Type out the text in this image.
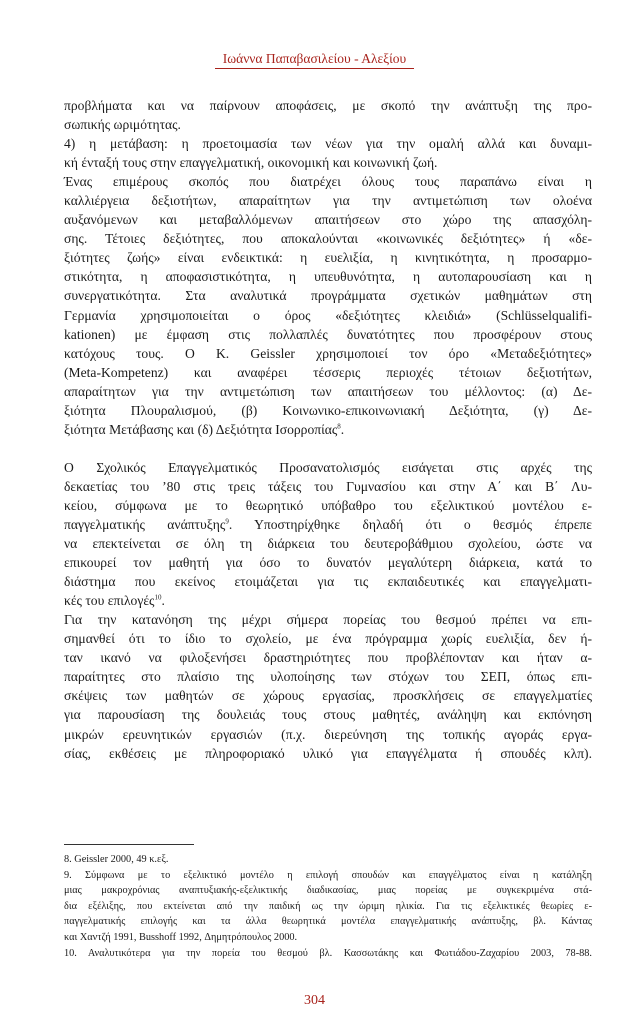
Ιωάννα Παπαβασιλείου - Αλεξίου
προβλήματα και να παίρνουν αποφάσεις, με σκοπό την ανάπτυξη της προ-
σωπικής ωριμότητας.
4) η μετάβαση: η προετοιμασία των νέων για την ομαλή αλλά και δυναμι-
κή ένταξή τους στην επαγγελματική, οικονομική και κοινωνική ζωή.
Ένας επιμέρους σκοπός που διατρέχει όλους τους παραπάνω είναι η
καλλιέργεια δεξιοτήτων, απαραίτητων για την αντιμετώπιση των ολοένα
αυξανόμενων και μεταβαλλόμενων απαιτήσεων στο χώρο της απασχόλη-
σης. Τέτοιες δεξιότητες, που αποκαλούνται «κοινωνικές δεξιότητες» ή «δε-
ξιότητες ζωής» είναι ενδεικτικά: η ευελιξία, η κινητικότητα, η προσαρμο-
στικότητα, η αποφασιστικότητα, η υπευθυνότητα, η αυτοπαρουσίαση και η
συνεργατικότητα. Στα αναλυτικά προγράμματα σχετικών μαθημάτων στη
Γερμανία χρησιμοποιείται ο όρος «δεξιότητες κλειδιά» (Schlüsselqualifi-
kationen) με έμφαση στις πολλαπλές δυνατότητες που προσφέρουν στους
κατόχους τους. Ο K. Geissler χρησιμοποιεί τον όρο «Μεταδεξιότητες»
(Meta-Kompetenz) και αναφέρει τέσσερις περιοχές τέτοιων δεξιοτήτων,
απαραίτητων για την αντιμετώπιση των απαιτήσεων του μέλλοντος: (α) Δε-
ξιότητα Πλουραλισμού, (β) Κοινωνικο-επικοινωνιακή Δεξιότητα, (γ) Δε-
ξιότητα Μετάβασης και (δ) Δεξιότητα Ισορροπίας$^8$.
Ο Σχολικός Επαγγελματικός Προσανατολισμός εισάγεται στις αρχές της
δεκαετίας του ’80 στις τρεις τάξεις του Γυμνασίου και στην Α΄ και Β΄ Λυ-
κείου, σύμφωνα με το θεωρητικό υπόβαθρο του εξελικτικού μοντέλου ε-
παγγελματικής ανάπτυξης$^9$. Υποστηρίχθηκε δηλαδή ότι ο θεσμός έπρεπε
να επεκτείνεται σε όλη τη διάρκεια του δευτεροβάθμιου σχολείου, ώστε να
επικουρεί τον μαθητή για όσο το δυνατόν μεγαλύτερη διάρκεια, κατά το
διάστημα που εκείνος ετοιμάζεται για τις εκπαιδευτικές και επαγγελματι-
κές του επιλογές$^{10}$.
Για την κατανόηση της μέχρι σήμερα πορείας του θεσμού πρέπει να επι-
σημανθεί ότι το ίδιο το σχολείο, με ένα πρόγραμμα χωρίς ευελιξία, δεν ή-
ταν ικανό να φιλοξενήσει δραστηριότητες που προβλέπονταν και ήταν α-
παραίτητες στο πλαίσιο της υλοποίησης των στόχων του ΣΕΠ, όπως επι-
σκέψεις των μαθητών σε χώρους εργασίας, προσκλήσεις σε επαγγελματίες
για παρουσίαση της δουλειάς τους στους μαθητές, ανάληψη και εκπόνηση
μικρών ερευνητικών εργασιών (π.χ. διερεύνηση της τοπικής αγοράς εργα-
σίας, εκθέσεις με πληροφοριακό υλικό για επαγγέλματα ή σπουδές κλπ).
8. Geissler 2000, 49 κ.εξ.
9. Σύμφωνα με το εξελικτικό μοντέλο η επιλογή σπουδών και επαγγέλματος είναι η κατάληξη
μιας μακροχρόνιας αναπτυξιακής-εξελικτικής διαδικασίας, μιας πορείας με συγκεκριμένα στά-
δια εξέλιξης, που εκτείνεται από την παιδική ως την ώριμη ηλικία. Για τις εξελικτικές θεωρίες ε-
παγγελματικής επιλογής και τα άλλα θεωρητικά μοντέλα επαγγελματικής ανάπτυξης, βλ. Κάντας
και Χαντζή 1991, Busshoff 1992, Δημητρόπουλος 2000.
10. Αναλυτικότερα για την πορεία του θεσμού βλ. Κασσωτάκης και Φωτιάδου-Ζαχαρίου 2003, 78-88.
304
